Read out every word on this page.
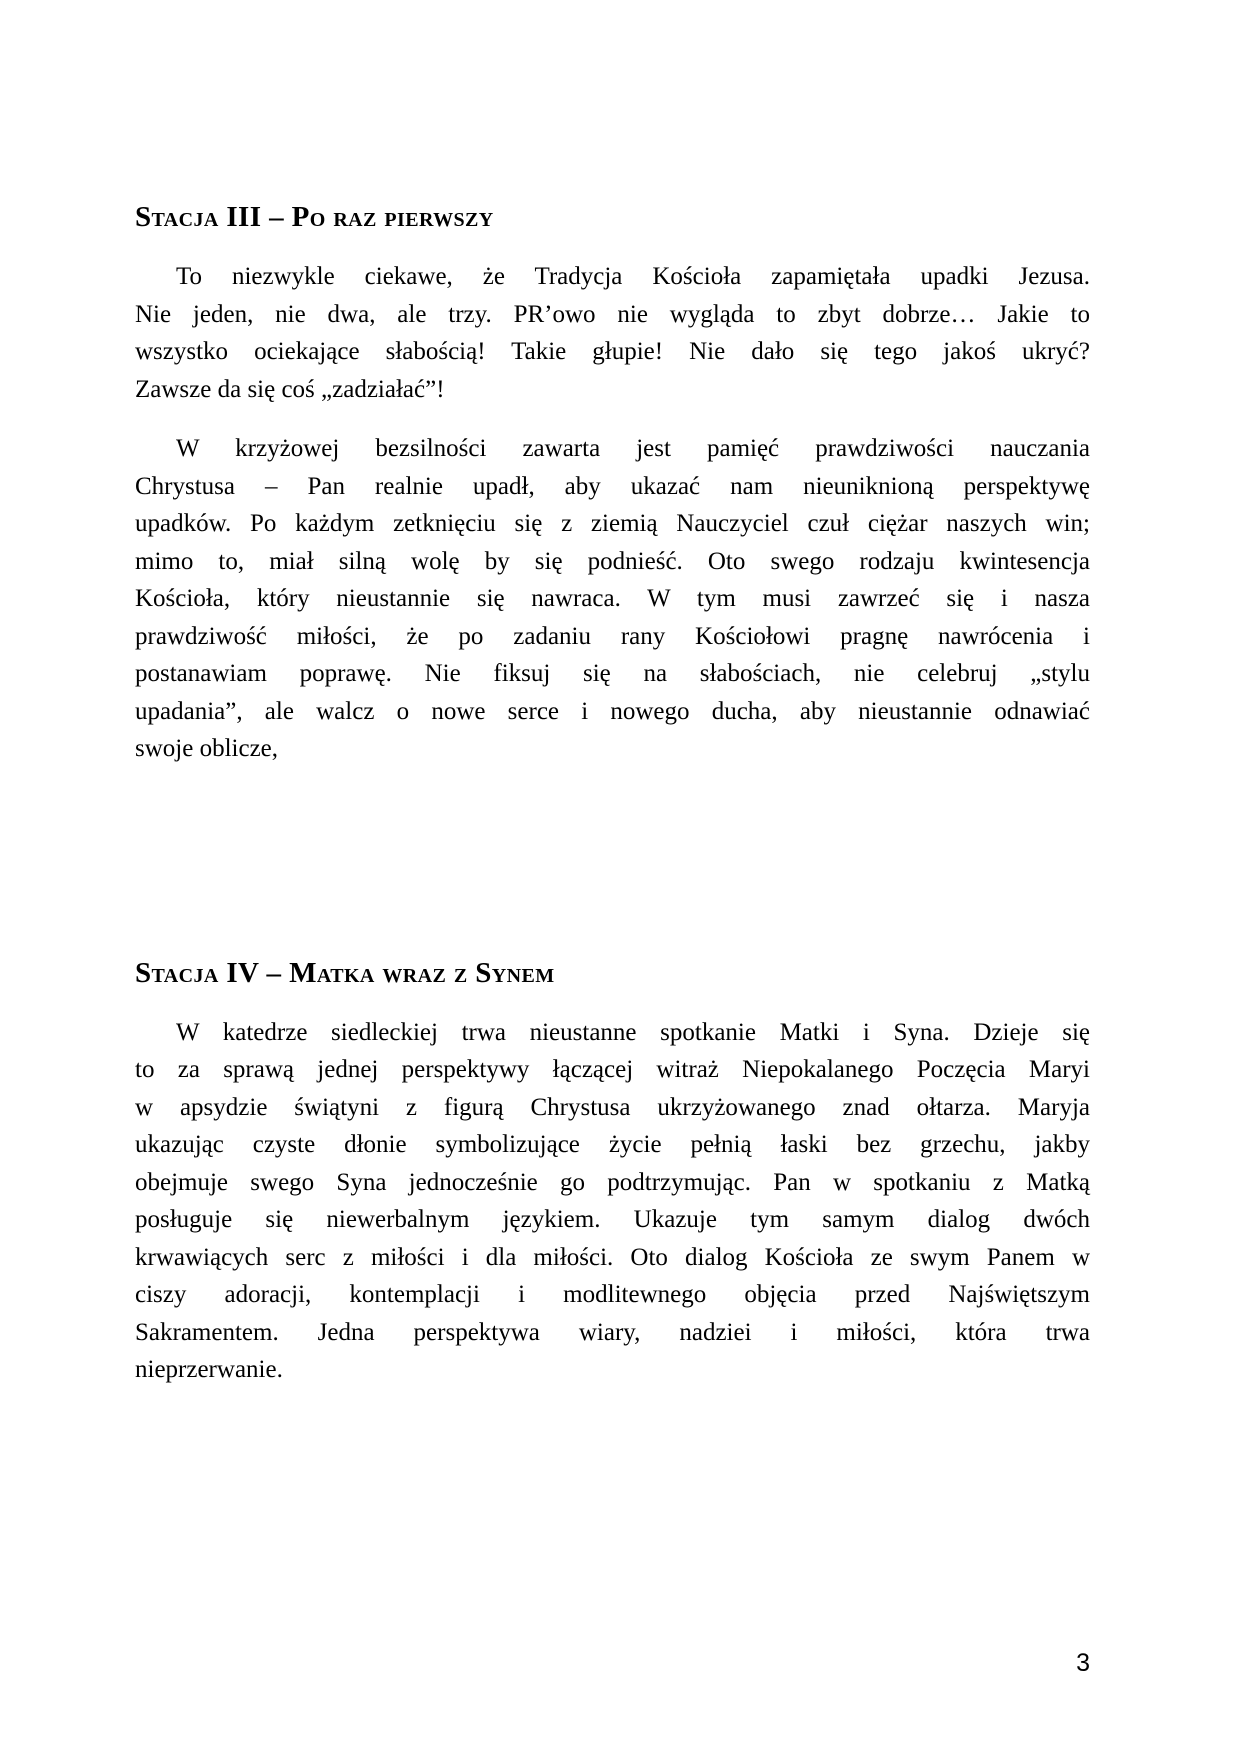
Stacja III – Po raz pierwszy
To niezwykle ciekawe, że Tradycja Kościoła zapamiętała upadki Jezusa.
Nie jeden, nie dwa, ale trzy. PR’owo nie wygląda to zbyt dobrze… Jakie to
wszystko ociekające słabością! Takie głupie! Nie dało się tego jakoś ukryć?
Zawsze da się coś „zadziałać”!
W krzyżowej bezsilności zawarta jest pamięć prawdziwości nauczania
Chrystusa – Pan realnie upadł, aby ukazać nam nieuniknioną perspektywę
upadków. Po każdym zetknięciu się z ziemią Nauczyciel czuł ciężar naszych win;
mimo to, miał silną wolę by się podnieść. Oto swego rodzaju kwintesencja
Kościoła, który nieustannie się nawraca. W tym musi zawrzeć się i nasza
prawdziwość miłości, że po zadaniu rany Kościołowi pragnę nawrócenia i
postanawiam poprawę. Nie fiksuj się na słabościach, nie celebruj „stylu
upadania”, ale walcz o nowe serce i nowego ducha, aby nieustannie odnawiać
swoje oblicze,
Stacja IV – Matka wraz z Synem
W katedrze siedleckiej trwa nieustanne spotkanie Matki i Syna. Dzieje się
to za sprawą jednej perspektywy łączącej witraż Niepokalanego Poczęcia Maryi
w apsydzie świątyni z figurą Chrystusa ukrzyżowanego znad ołtarza. Maryja
ukazując czyste dłonie symbolizujące życie pełnią łaski bez grzechu, jakby
obejmuje swego Syna jednocześnie go podtrzymując. Pan w spotkaniu z Matką
posługuje się niewerbalnym językiem. Ukazuje tym samym dialog dwóch
krwawiących serc z miłości i dla miłości. Oto dialog Kościoła ze swym Panem w
ciszy adoracji, kontemplacji i modlitewnego objęcia przed Najświętszym
Sakramentem. Jedna perspektywa wiary, nadziei i miłości, która trwa
nieprzerwanie.
3
